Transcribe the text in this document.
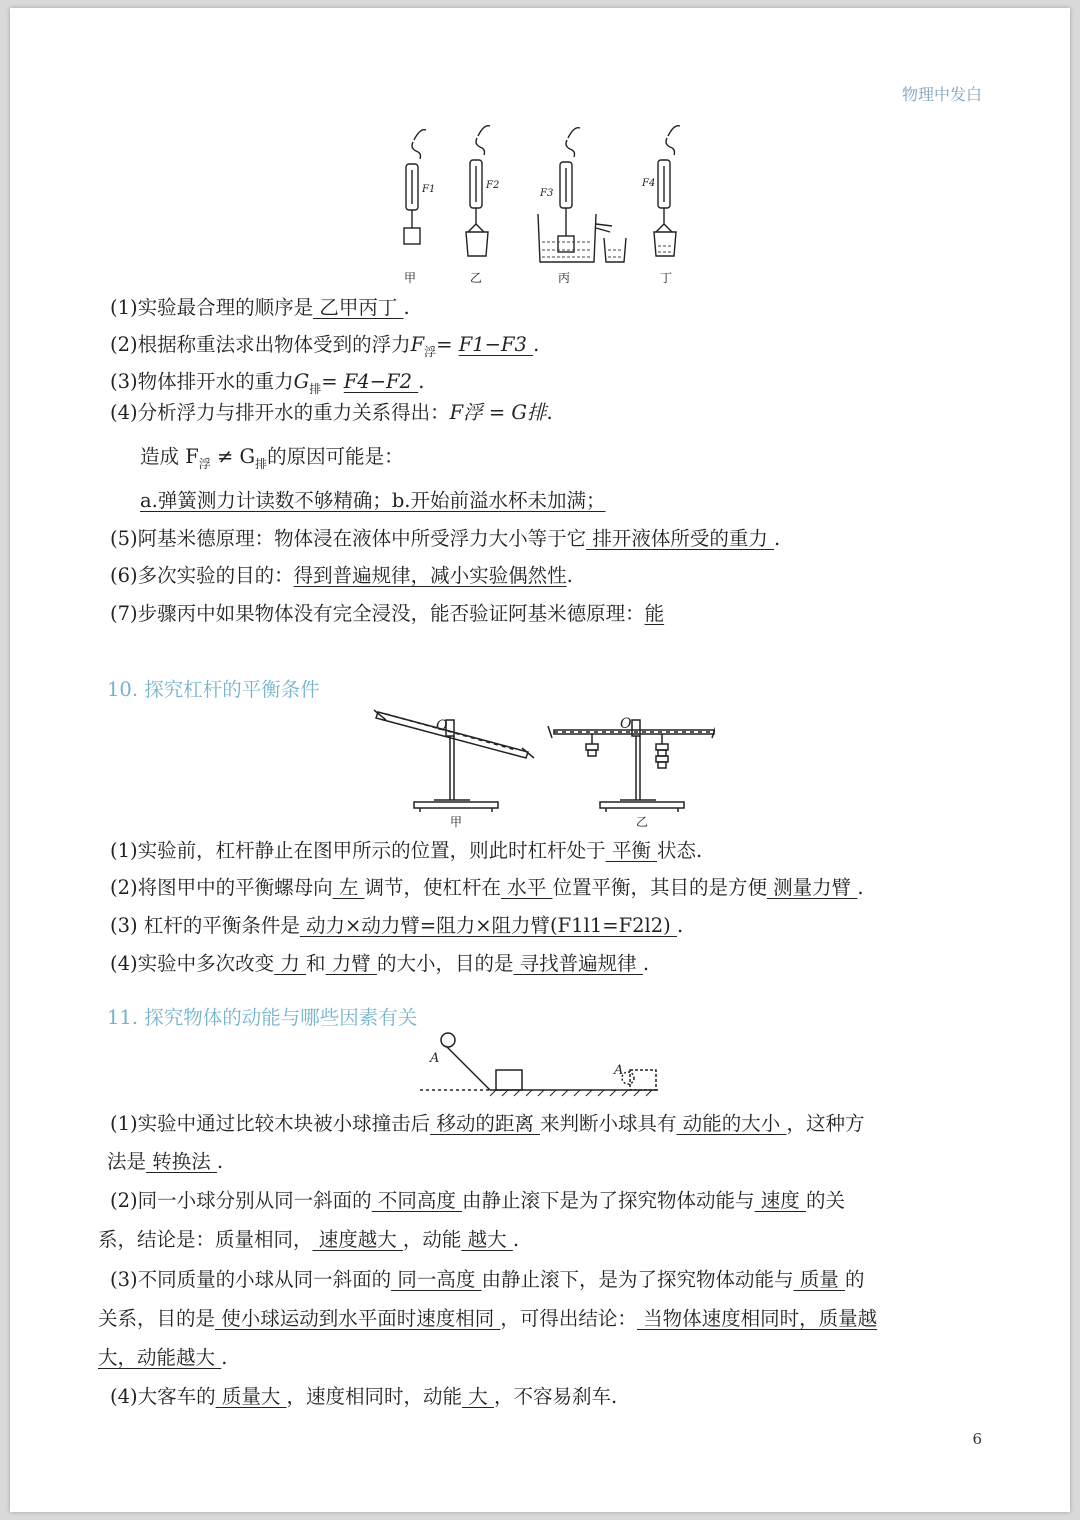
物理中发白
F1	F2
F3
F4
甲	乙	丙	丁
(1)实验最合理的顺序是 乙甲丙丁 .
(2)根据称重法求出物体受到的浮力$F_浮= F1-F3$ .
(3)物体排开水的重力$G_排= F4-F2$ .
(4)分析浮力与排开水的重力关系得出：F浮 = G排.
造成 $F_浮 \ne G_排$的原因可能是：
a.弹簧测力计读数不够精确；b.开始前溢水杯未加满；
(5)阿基米德原理：物体浸在液体中所受浮力大小等于它 排开液体所受的重力 .
(6)多次实验的目的：得到普遍规律，减小实验偶然性.
(7)步骤丙中如果物体没有完全浸没，能否验证阿基米德原理：能
10. 探究杠杆的平衡条件
O	O
甲	乙
(1)实验前，杠杆静止在图甲所示的位置，则此时杠杆处于 平衡 状态.
(2)将图甲中的平衡螺母向 左 调节，使杠杆在 水平 位置平衡，其目的是方便 测量力臂 .
(3) 杠杆的平衡条件是 动力×动力臂=阻力×阻力臂(F1l1=F2l2) .
(4)实验中多次改变 力 和 力臂 的大小，目的是 寻找普遍规律 .
11. 探究物体的动能与哪些因素有关
A
A
(1)实验中通过比较木块被小球撞击后 移动的距离 来判断小球具有 动能的大小 ，这种方
法是 转换法 .
(2)同一小球分别从同一斜面的 不同高度 由静止滚下是为了探究物体动能与 速度 的关
系，结论是：质量相同， 速度越大 ，动能 越大 .
(3)不同质量的小球从同一斜面的 同一高度 由静止滚下，是为了探究物体动能与 质量 的
关系，目的是 使小球运动到水平面时速度相同 ，可得出结论： 当物体速度相同时，质量越
大，动能越大 .
(4)大客车的 质量大 ，速度相同时，动能 大 ，不容易刹车.
6
